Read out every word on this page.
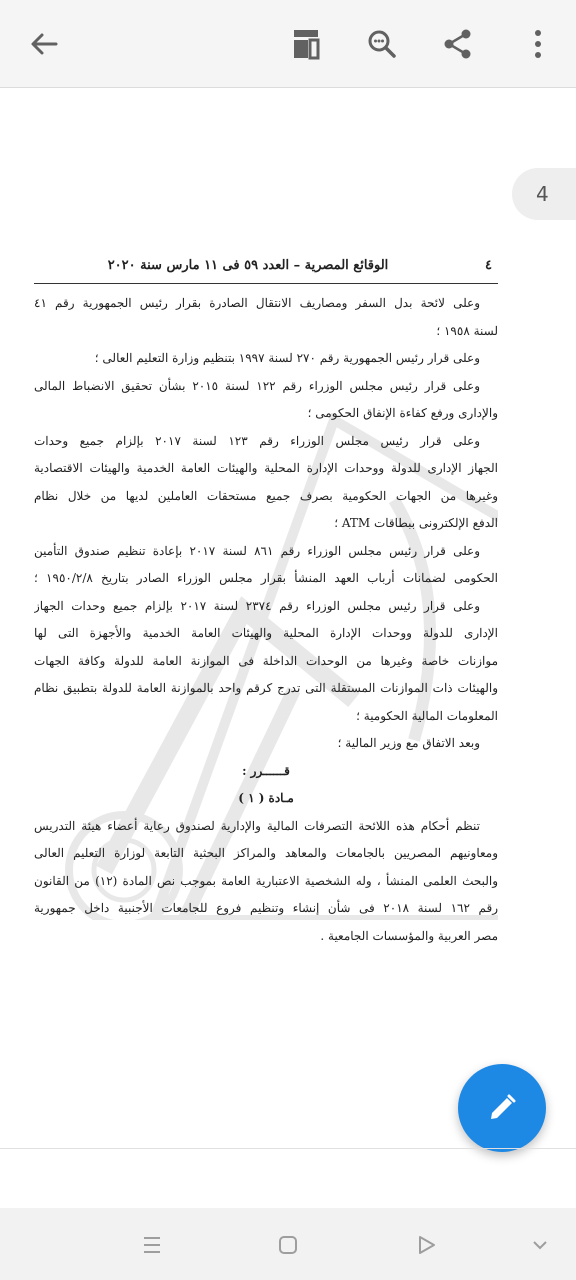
4
٤
الوقائع المصرية – العدد ٥٩ فى ١١ مارس سنة ٢٠٢٠
وعلى لائحة بدل السفر ومصاريف الانتقال الصادرة بقرار رئيس الجمهورية رقم ٤١
لسنة ١٩٥٨ ؛
وعلى قرار رئيس الجمهورية رقم ٢٧٠ لسنة ١٩٩٧ بتنظيم وزارة التعليم العالى ؛
وعلى قرار رئيس مجلس الوزراء رقم ١٢٢ لسنة ٢٠١٥ بشأن تحقيق الانضباط المالى
والإدارى ورفع كفاءة الإنفاق الحكومى ؛
وعلى قرار رئيس مجلس الوزراء رقم ١٢٣ لسنة ٢٠١٧ بإلزام جميع وحدات
الجهاز الإدارى للدولة ووحدات الإدارة المحلية والهيئات العامة الخدمية والهيئات الاقتصادية
وغيرها من الجهات الحكومية بصرف جميع مستحقات العاملين لديها من خلال نظام
الدفع الإلكترونى ببطاقات ATM ؛
وعلى قرار رئيس مجلس الوزراء رقم ٨٦١ لسنة ٢٠١٧ بإعادة تنظيم صندوق التأمين
الحكومى لضمانات أرباب العهد المنشأ بقرار مجلس الوزراء الصادر بتاريخ ١٩٥٠/٢/٨ ؛
وعلى قرار رئيس مجلس الوزراء رقم ٢٣٧٤ لسنة ٢٠١٧ بإلزام جميع وحدات الجهاز
الإدارى للدولة ووحدات الإدارة المحلية والهيئات العامة الخدمية والأجهزة التى لها
موازنات خاصة وغيرها من الوحدات الداخلة فى الموازنة العامة للدولة وكافة الجهات
والهيئات ذات الموازنات المستقلة التى تدرج كرقم واحد بالموازنة العامة للدولة بتطبيق نظام
المعلومات المالية الحكومية ؛
وبعد الاتفاق مع وزير المالية ؛
قــــــرر :
مـادة ( ١ )
تنظم أحكام هذه اللائحة التصرفات المالية والإدارية لصندوق رعاية أعضاء هيئة التدريس
ومعاونيهم المصريين بالجامعات والمعاهد والمراكز البحثية التابعة لوزارة التعليم العالى
والبحث العلمى المنشأ ، وله الشخصية الاعتبارية العامة بموجب نص المادة (١٢) من القانون
رقم ١٦٢ لسنة ٢٠١٨ فى شأن إنشاء وتنظيم فروع للجامعات الأجنبية داخل جمهورية
مصر العربية والمؤسسات الجامعية .
